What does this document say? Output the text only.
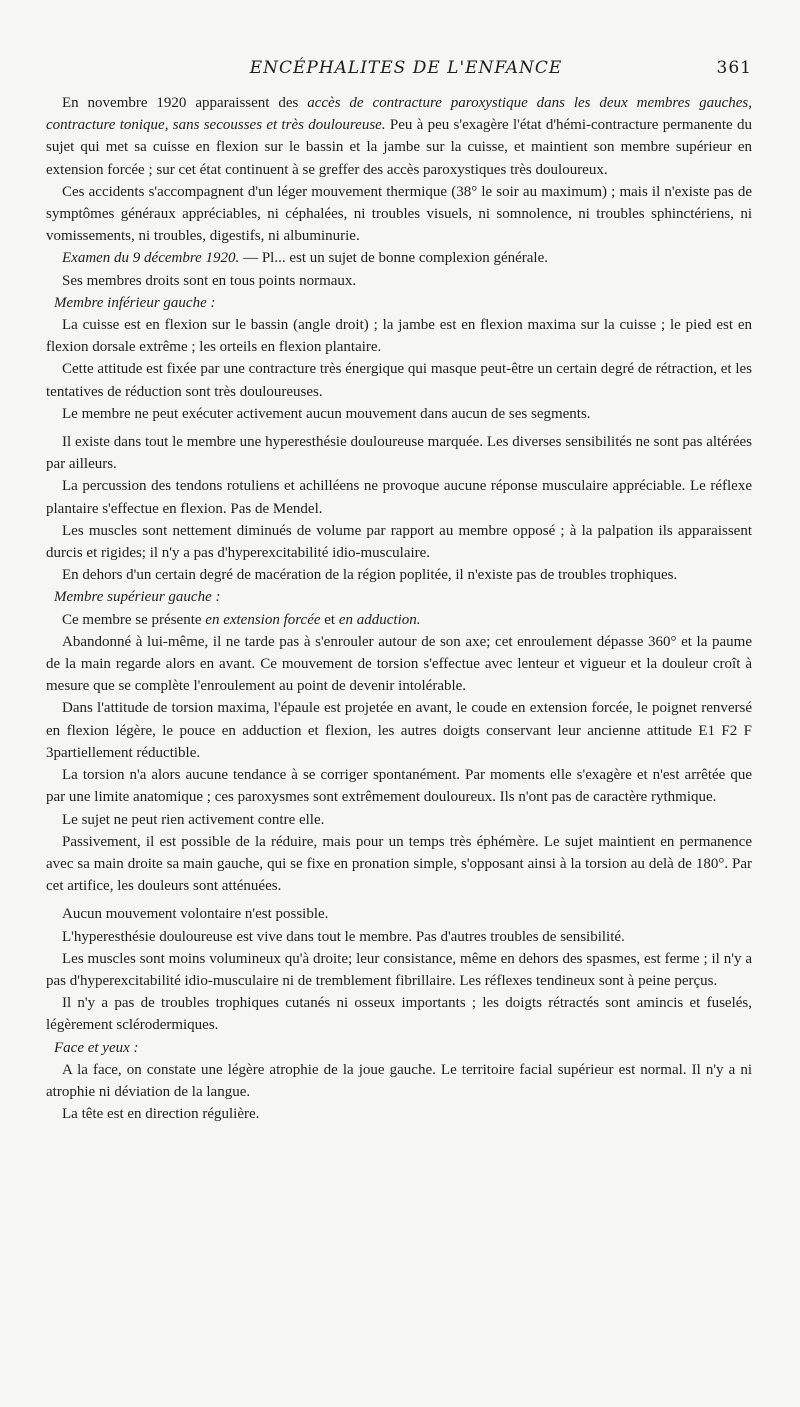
ENCÉPHALITES DE L'ENFANCE	361

En novembre 1920 apparaissent des accès de contracture paroxystique dans les deux membres gauches, contracture tonique, sans secousses et très douloureuse. Peu à peu s'exagère l'état d'hémi-contracture permanente du sujet qui met sa cuisse en flexion sur le bassin et la jambe sur la cuisse, et maintient son membre supérieur en extension forcée ; sur cet état continuent à se greffer des accès paroxystiques très douloureux.

Ces accidents s'accompagnent d'un léger mouvement thermique (38° le soir au maximum) ; mais il n'existe pas de symptômes généraux appréciables, ni céphalées, ni troubles visuels, ni somnolence, ni troubles sphinctériens, ni vomissements, ni troubles, digestifs, ni albuminurie.

Examen du 9 décembre 1920. — Pl... est un sujet de bonne complexion générale.

Ses membres droits sont en tous points normaux.

Membre inférieur gauche :

La cuisse est en flexion sur le bassin (angle droit) ; la jambe est en flexion maxima sur la cuisse ; le pied est en flexion dorsale extrême ; les orteils en flexion plantaire.

Cette attitude est fixée par une contracture très énergique qui masque peut-être un certain degré de rétraction, et les tentatives de réduction sont très douloureuses.

Le membre ne peut exécuter activement aucun mouvement dans aucun de ses segments.

Il existe dans tout le membre une hyperesthésie douloureuse marquée. Les diverses sensibilités ne sont pas altérées par ailleurs.

La percussion des tendons rotuliens et achilléens ne provoque aucune réponse musculaire appréciable. Le réflexe plantaire s'effectue en flexion. Pas de Mendel.

Les muscles sont nettement diminués de volume par rapport au membre opposé ; à la palpation ils apparaissent durcis et rigides; il n'y a pas d'hyperexcitabilité idio-musculaire.

En dehors d'un certain degré de macération de la région poplitée, il n'existe pas de troubles trophiques.

Membre supérieur gauche :

Ce membre se présente en extension forcée et en adduction.

Abandonné à lui-même, il ne tarde pas à s'enrouler autour de son axe; cet enroulement dépasse 360° et la paume de la main regarde alors en avant. Ce mouvement de torsion s'effectue avec lenteur et vigueur et la douleur croît à mesure que se complète l'enroulement au point de devenir intolérable.

Dans l'attitude de torsion maxima, l'épaule est projetée en avant, le coude en extension forcée, le poignet renversé en flexion légère, le pouce en adduction et flexion, les autres doigts conservant leur ancienne attitude E1 F2 F 3partiellement réductible.

La torsion n'a alors aucune tendance à se corriger spontanément. Par moments elle s'exagère et n'est arrêtée que par une limite anatomique ; ces paroxysmes sont extrêmement douloureux. Ils n'ont pas de caractère rythmique.

Le sujet ne peut rien activement contre elle.

Passivement, il est possible de la réduire, mais pour un temps très éphémère. Le sujet maintient en permanence avec sa main droite sa main gauche, qui se fixe en pronation simple, s'opposant ainsi à la torsion au delà de 180°. Par cet artifice, les douleurs sont atténuées.

Aucun mouvement volontaire n'est possible.

L'hyperesthésie douloureuse est vive dans tout le membre. Pas d'autres troubles de sensibilité.

Les muscles sont moins volumineux qu'à droite; leur consistance, même en dehors des spasmes, est ferme ; il n'y a pas d'hyperexcitabilité idio-musculaire ni de tremblement fibrillaire. Les réflexes tendineux sont à peine perçus.

Il n'y a pas de troubles trophiques cutanés ni osseux importants ; les doigts rétractés sont amincis et fuselés, légèrement sclérodermiques.

Face et yeux :

A la face, on constate une légère atrophie de la joue gauche. Le territoire facial supérieur est normal. Il n'y a ni atrophie ni déviation de la langue.

La tête est en direction régulière.
